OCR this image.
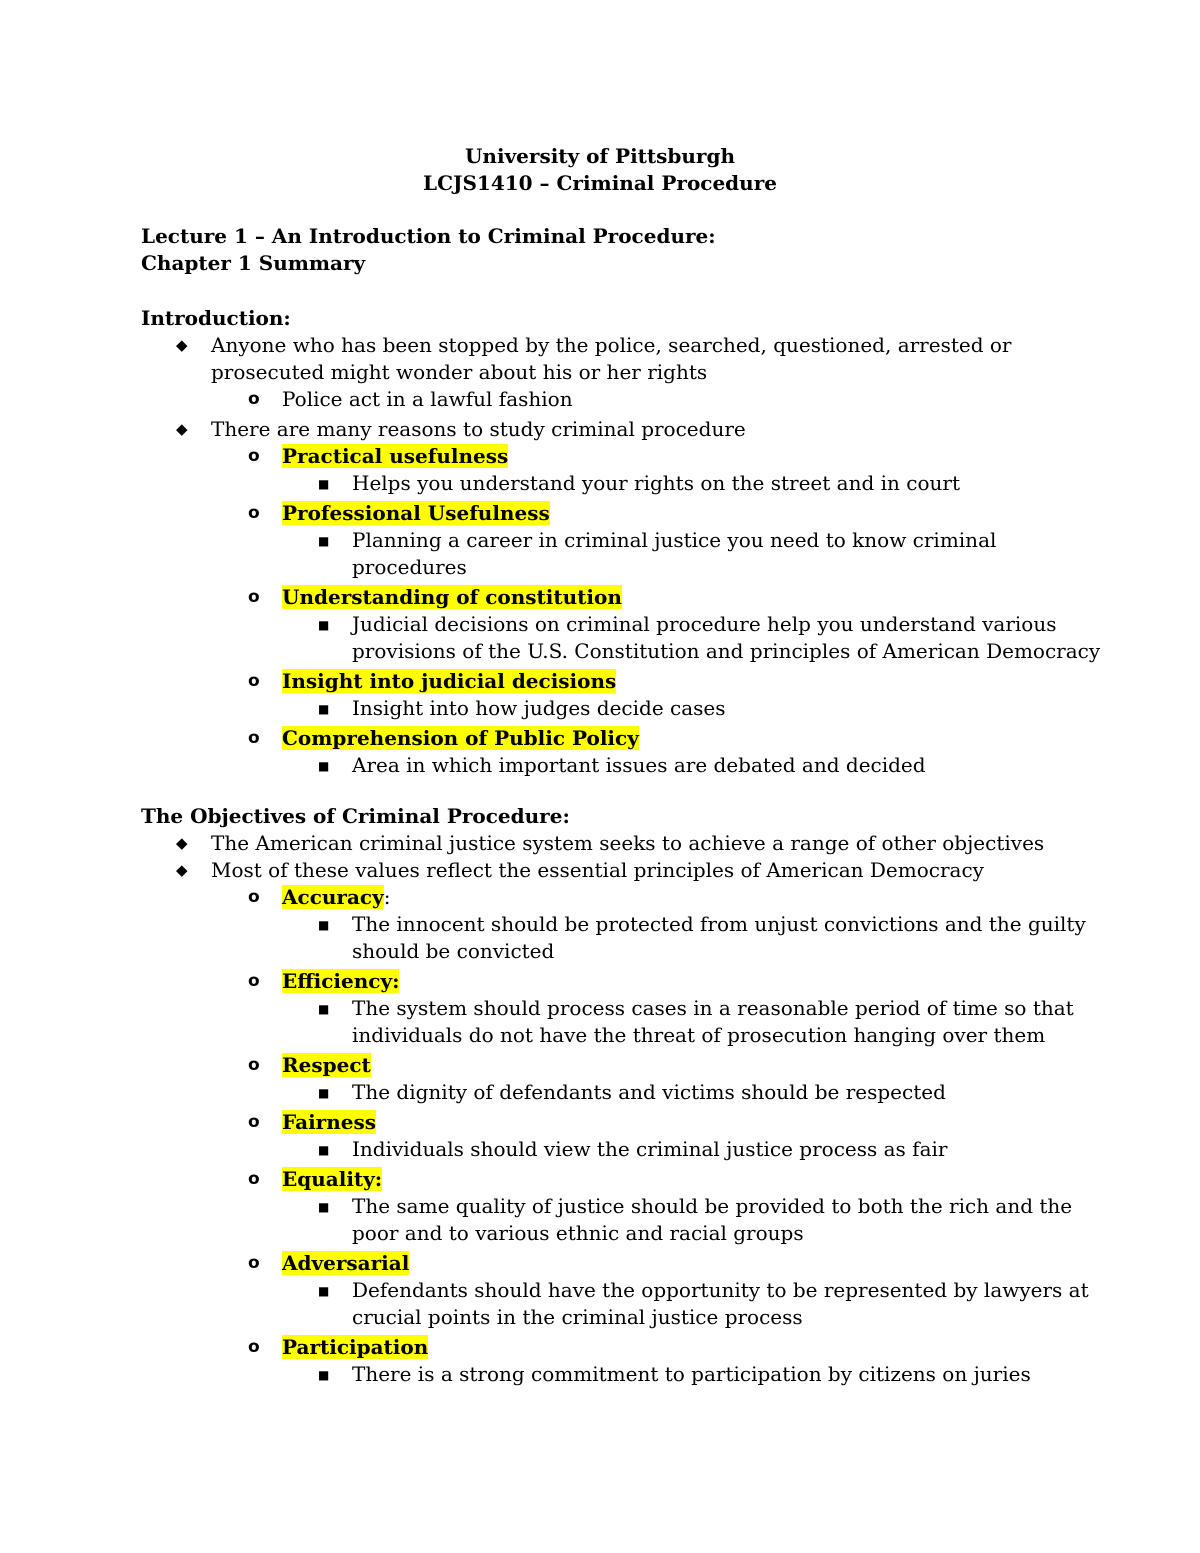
University of Pittsburgh
LCJS1410 – Criminal Procedure
Lecture 1 – An Introduction to Criminal Procedure:
Chapter 1 Summary
Introduction:
◆ Anyone who has been stopped by the police, searched, questioned, arrested or prosecuted might wonder about his or her rights
o Police act in a lawful fashion
◆ There are many reasons to study criminal procedure
o Practical usefulness
■ Helps you understand your rights on the street and in court
o Professional Usefulness
■ Planning a career in criminal justice you need to know criminal procedures
o Understanding of constitution
■ Judicial decisions on criminal procedure help you understand various provisions of the U.S. Constitution and principles of American Democracy
o Insight into judicial decisions
■ Insight into how judges decide cases
o Comprehension of Public Policy
■ Area in which important issues are debated and decided
The Objectives of Criminal Procedure:
◆ The American criminal justice system seeks to achieve a range of other objectives
◆ Most of these values reflect the essential principles of American Democracy
o Accuracy:
■ The innocent should be protected from unjust convictions and the guilty should be convicted
o Efficiency:
■ The system should process cases in a reasonable period of time so that individuals do not have the threat of prosecution hanging over them
o Respect
■ The dignity of defendants and victims should be respected
o Fairness
■ Individuals should view the criminal justice process as fair
o Equality:
■ The same quality of justice should be provided to both the rich and the poor and to various ethnic and racial groups
o Adversarial
■ Defendants should have the opportunity to be represented by lawyers at crucial points in the criminal justice process
o Participation
■ There is a strong commitment to participation by citizens on juries
